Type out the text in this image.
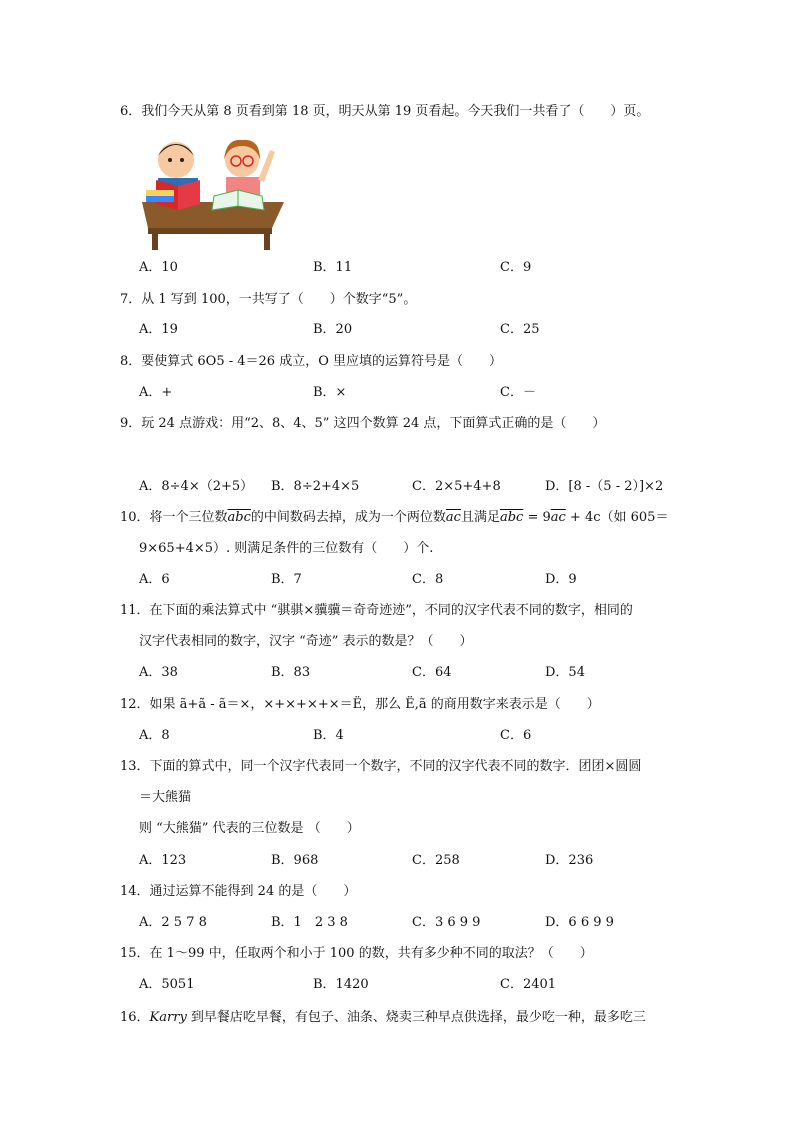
6．我们今天从第 8 页看到第 18 页，明天从第 19 页看起。今天我们一共看了（　　）页。
A．10	B．11	C．9
7．从 1 写到 100，一共写了（　　）个数字“5”。
A．19	B．20	C．25
8．要使算式 6O5 - 4＝26 成立，O 里应填的运算符号是（　　）
A．+	B．×	C．－
9．玩 24 点游戏：用“2、8、4、5” 这四个数算 24 点，下面算式正确的是（　　）
A．8÷4×（2+5） B．8÷2+4×5	C．2×5+4+8	D．[8 -（5 - 2）]×2
10．将一个三位数$\overline{abc}$的中间数码去掉，成为一个两位数$\overline{ac}$且满足$\overline{abc} = 9\overline{ac} + 4c$（如 605＝
9×65+4×5）. 则满足条件的三位数有（　　）个.
A．6	B．7	C．8	D．9
11．在下面的乘法算式中 “骐骐×骥骥＝奇奇迹迹”，不同的汉字代表不同的数字，相同的
汉字代表相同的数字，汉字 “奇迹” 表示的数是？（　　）
A．38	B．83	C．64	D．54
12．如果 ã+ã - ã＝×，×+×+×+×＝Ë，那么 Ë,ã 的商用数字来表示是（　　）
A．8	B．4	C．6
13．下面的算式中，同一个汉字代表同一个数字，不同的汉字代表不同的数字．团团×圆圆
＝大熊猫
则 “大熊猫” 代表的三位数是 （　　）
A．123	B．968	C．258	D．236
14．通过运算不能得到 24 的是（　　）
A．2 5 7 8	B．1　2 3 8	C．3 6 9 9	D．6 6 9 9
15．在 1～99 中，任取两个和小于 100 的数，共有多少种不同的取法？（　　）
A．5051	B．1420	C．2401
16．Karry 到早餐店吃早餐，有包子、油条、烧卖三种早点供选择，最少吃一种，最多吃三
